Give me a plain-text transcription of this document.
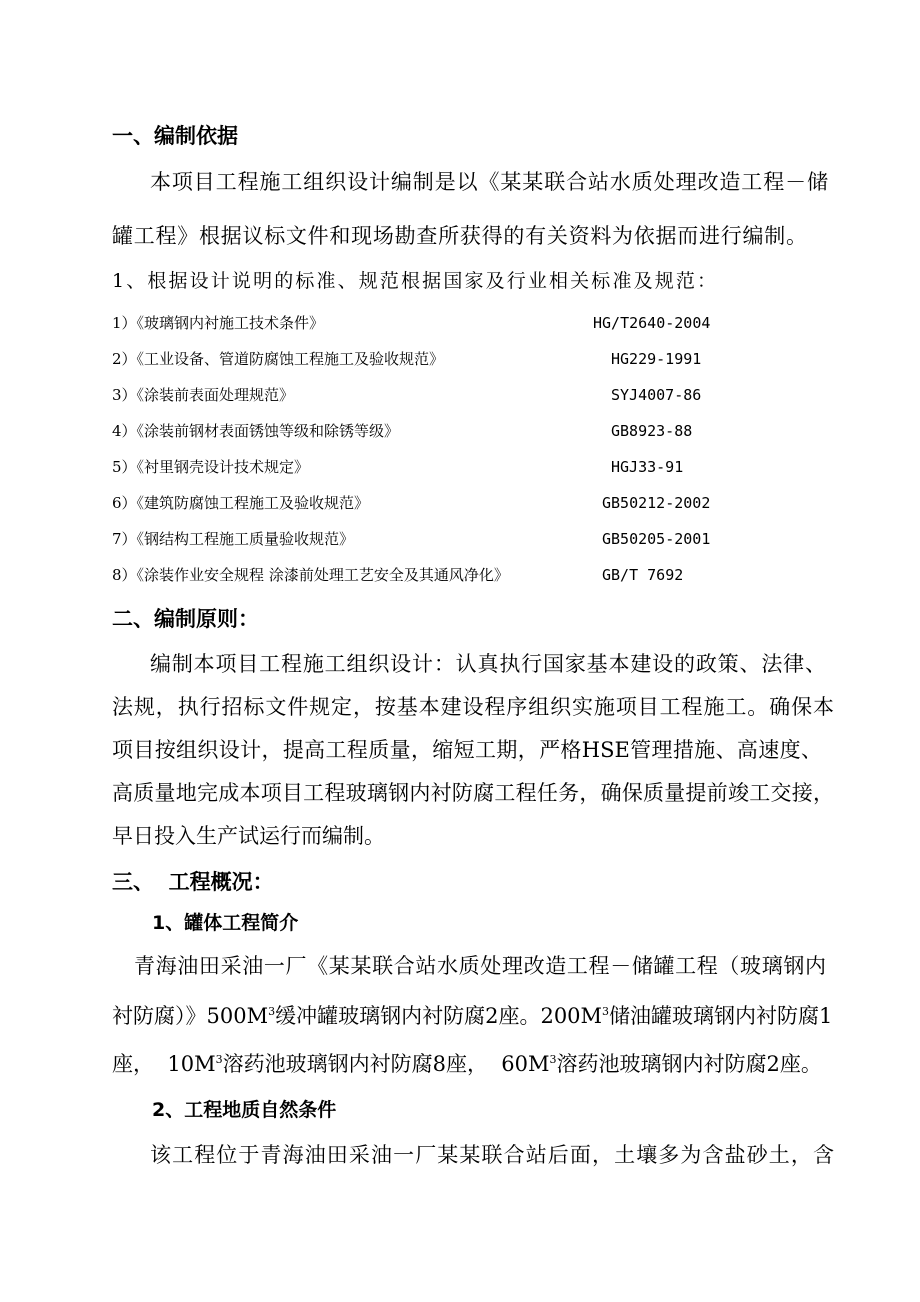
一、编制依据
本项目工程施工组织设计编制是以《某某联合站水质处理改造工程－储
罐工程》根据议标文件和现场勘查所获得的有关资料为依据而进行编制。
1、根据设计说明的标准、规范根据国家及行业相关标准及规范：
1）《玻璃钢内衬施工技术条件》	HG/T2640-2004
2）《工业设备、管道防腐蚀工程施工及验收规范》	HG229-1991
3）《涂装前表面处理规范》	SYJ4007-86
4）《涂装前钢材表面锈蚀等级和除锈等级》	GB8923-88
5）《衬里钢壳设计技术规定》	HGJ33-91
6）《建筑防腐蚀工程施工及验收规范》	GB50212-2002
7）《钢结构工程施工质量验收规范》	GB50205-2001
8）《涂装作业安全规程 涂漆前处理工艺安全及其通风净化》	GB/T 7692
二、编制原则：
编制本项目工程施工组织设计：认真执行国家基本建设的政策、法律、
法规，执行招标文件规定，按基本建设程序组织实施项目工程施工。确保本
项目按组织设计，提高工程质量，缩短工期，严格HSE管理措施、高速度、
高质量地完成本项目工程玻璃钢内衬防腐工程任务，确保质量提前竣工交接，
早日投入生产试运行而编制。
三、  工程概况：
1、罐体工程简介
青海油田采油一厂《某某联合站水质处理改造工程－储罐工程（玻璃钢内
衬防腐）》$500M^3$缓冲罐玻璃钢内衬防腐2座。$200M^3$储油罐玻璃钢内衬防腐1
座，  $10M^3$溶药池玻璃钢内衬防腐8座，  $60M^3$溶药池玻璃钢内衬防腐2座。
2、工程地质自然条件
该工程位于青海油田采油一厂某某联合站后面，土壤多为含盐砂土，含
